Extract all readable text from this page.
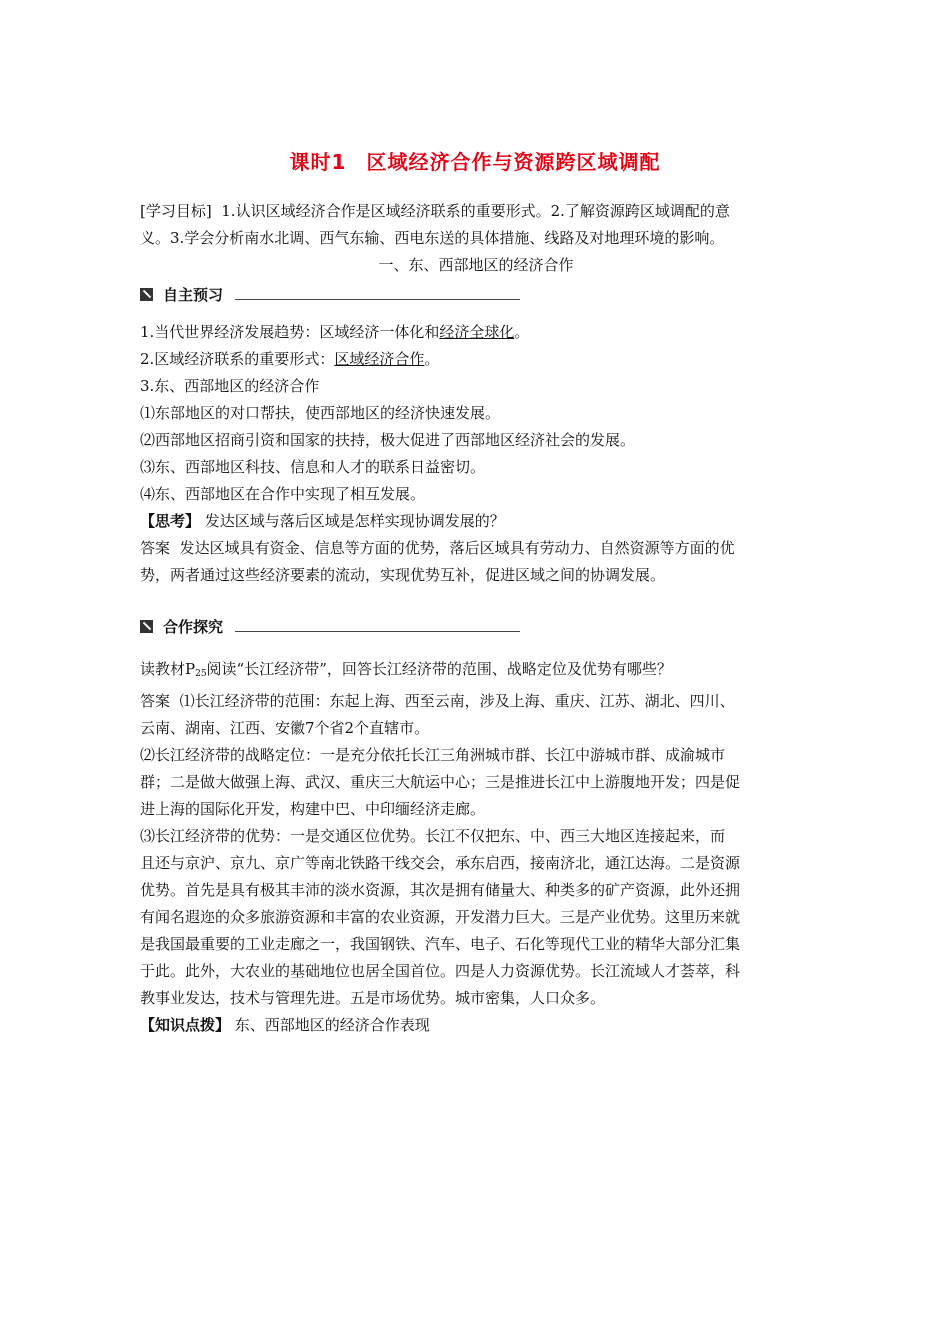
课时1 区域经济合作与资源跨区域调配

[学习目标] 1.认识区域经济合作是区域经济联系的重要形式。2.了解资源跨区域调配的意

义。3.学会分析南水北调、西气东输、西电东送的具体措施、线路及对地理环境的影响。

一、东、西部地区的经济合作

自主预习

1.当代世界经济发展趋势：区域经济一体化和经济全球化。

2.区域经济联系的重要形式：区域经济合作。

3.东、西部地区的经济合作

⑴东部地区的对口帮扶，使西部地区的经济快速发展。

⑵西部地区招商引资和国家的扶持，极大促进了西部地区经济社会的发展。

⑶东、西部地区科技、信息和人才的联系日益密切。

⑷东、西部地区在合作中实现了相互发展。

【思考】 发达区域与落后区域是怎样实现协调发展的？

答案 发达区域具有资金、信息等方面的优势，落后区域具有劳动力、自然资源等方面的优

势，两者通过这些经济要素的流动，实现优势互补，促进区域之间的协调发展。

合作探究

读教材$P_{25}$阅读“长江经济带”，回答长江经济带的范围、战略定位及优势有哪些？

答案 ⑴长江经济带的范围：东起上海、西至云南，涉及上海、重庆、江苏、湖北、四川、

云南、湖南、江西、安徽7个省2个直辖市。

⑵长江经济带的战略定位：一是充分依托长江三角洲城市群、长江中游城市群、成渝城市

群；二是做大做强上海、武汉、重庆三大航运中心；三是推进长江中上游腹地开发；四是促

进上海的国际化开发，构建中巴、中印缅经济走廊。

⑶长江经济带的优势：一是交通区位优势。长江不仅把东、中、西三大地区连接起来，而

且还与京沪、京九、京广等南北铁路干线交会，承东启西，接南济北，通江达海。二是资源

优势。首先是具有极其丰沛的淡水资源，其次是拥有储量大、种类多的矿产资源，此外还拥

有闻名遐迩的众多旅游资源和丰富的农业资源，开发潜力巨大。三是产业优势。这里历来就

是我国最重要的工业走廊之一，我国钢铁、汽车、电子、石化等现代工业的精华大部分汇集

于此。此外，大农业的基础地位也居全国首位。四是人力资源优势。长江流域人才荟萃，科

教事业发达，技术与管理先进。五是市场优势。城市密集，人口众多。

【知识点拨】 东、西部地区的经济合作表现
